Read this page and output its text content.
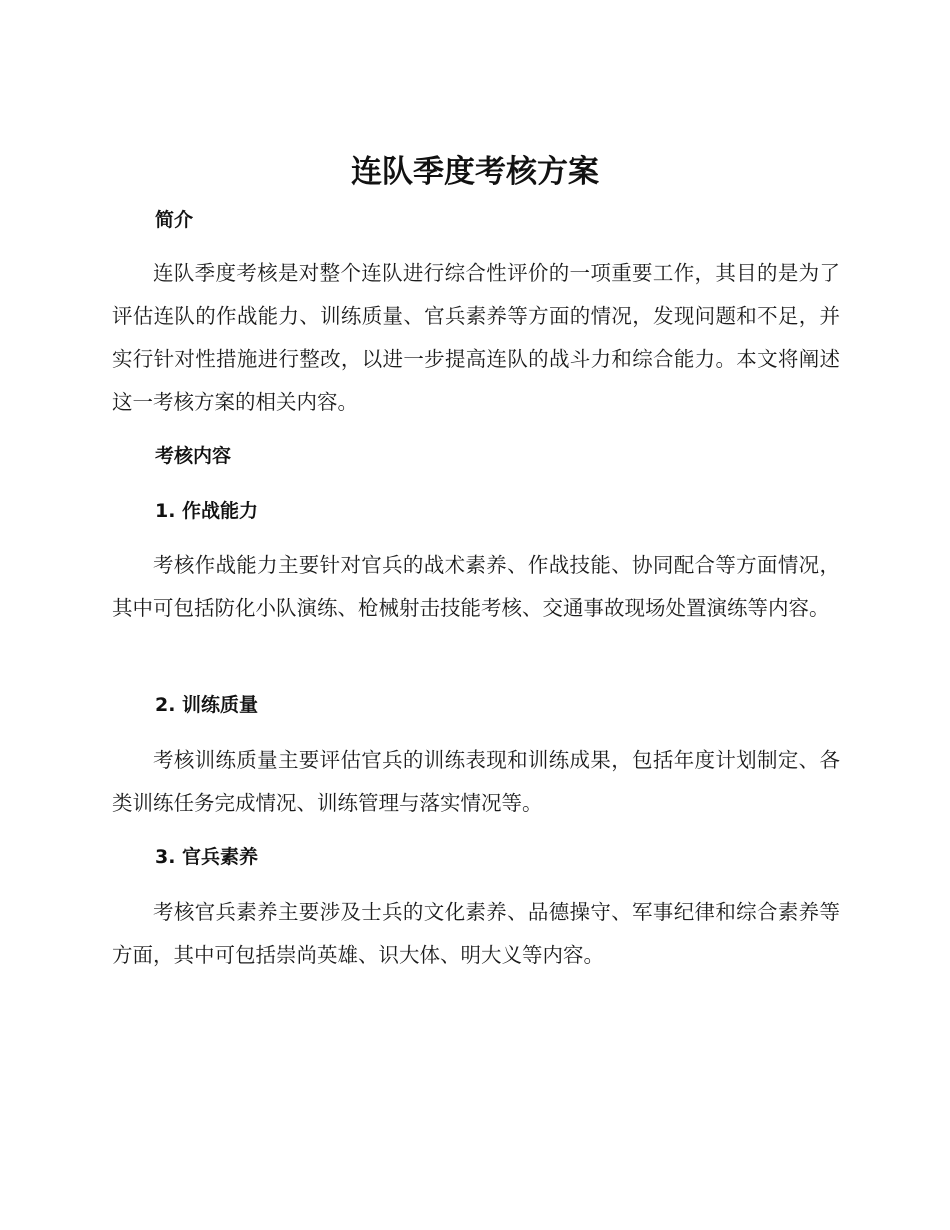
连队季度考核方案
简介

连队季度考核是对整个连队进行综合性评价的一项重要工作，其目的是为了评估连队的作战能力、训练质量、官兵素养等方面的情况，发现问题和不足，并实行针对性措施进行整改，以进一步提高连队的战斗力和综合能力。本文将阐述这一考核方案的相关内容。

考核内容
1. 作战能力

考核作战能力主要针对官兵的战术素养、作战技能、协同配合等方面情况，其中可包括防化小队演练、枪械射击技能考核、交通事故现场处置演练等内容。

2. 训练质量

考核训练质量主要评估官兵的训练表现和训练成果，包括年度计划制定、各类训练任务完成情况、训练管理与落实情况等。

3. 官兵素养

考核官兵素养主要涉及士兵的文化素养、品德操守、军事纪律和综合素养等方面，其中可包括崇尚英雄、识大体、明大义等内容。
